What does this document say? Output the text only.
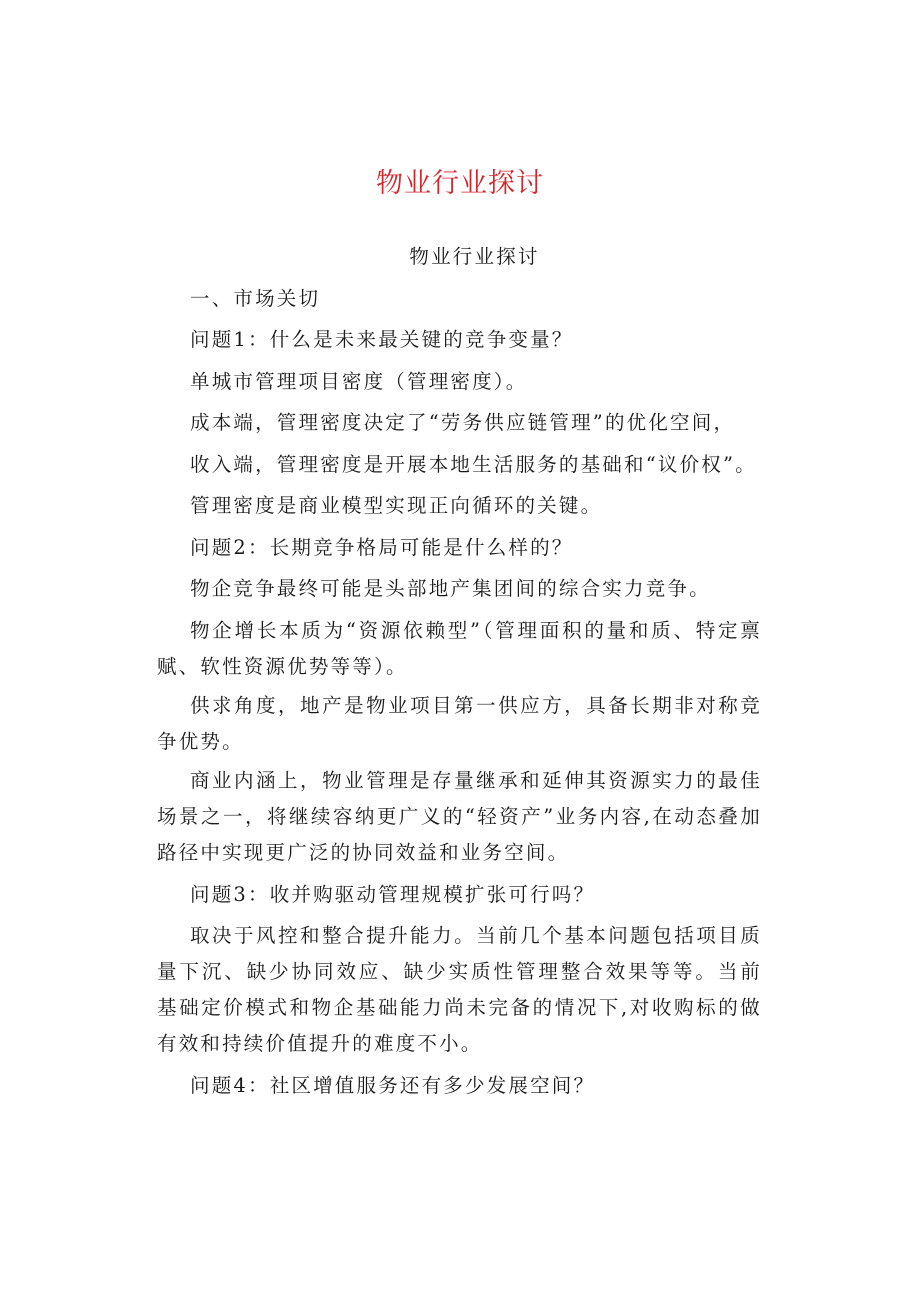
物业行业探讨

物业行业探讨

一、市场关切

问题1：什么是未来最关键的竞争变量？

单城市管理项目密度（管理密度）。

成本端，管理密度决定了“劳务供应链管理”的优化空间，

收入端，管理密度是开展本地生活服务的基础和“议价权”。

管理密度是商业模型实现正向循环的关键。

问题2：长期竞争格局可能是什么样的？

物企竞争最终可能是头部地产集团间的综合实力竞争。

物企增长本质为“资源依赖型”（管理面积的量和质、特定禀赋、软性资源优势等等）。

供求角度，地产是物业项目第一供应方，具备长期非对称竞争优势。

商业内涵上，物业管理是存量继承和延伸其资源实力的最佳场景之一，将继续容纳更广义的“轻资产”业务内容,在动态叠加路径中实现更广泛的协同效益和业务空间。

问题3：收并购驱动管理规模扩张可行吗？

取决于风控和整合提升能力。当前几个基本问题包括项目质量下沉、缺少协同效应、缺少实质性管理整合效果等等。当前基础定价模式和物企基础能力尚未完备的情况下,对收购标的做有效和持续价值提升的难度不小。

问题4：社区增值服务还有多少发展空间？
